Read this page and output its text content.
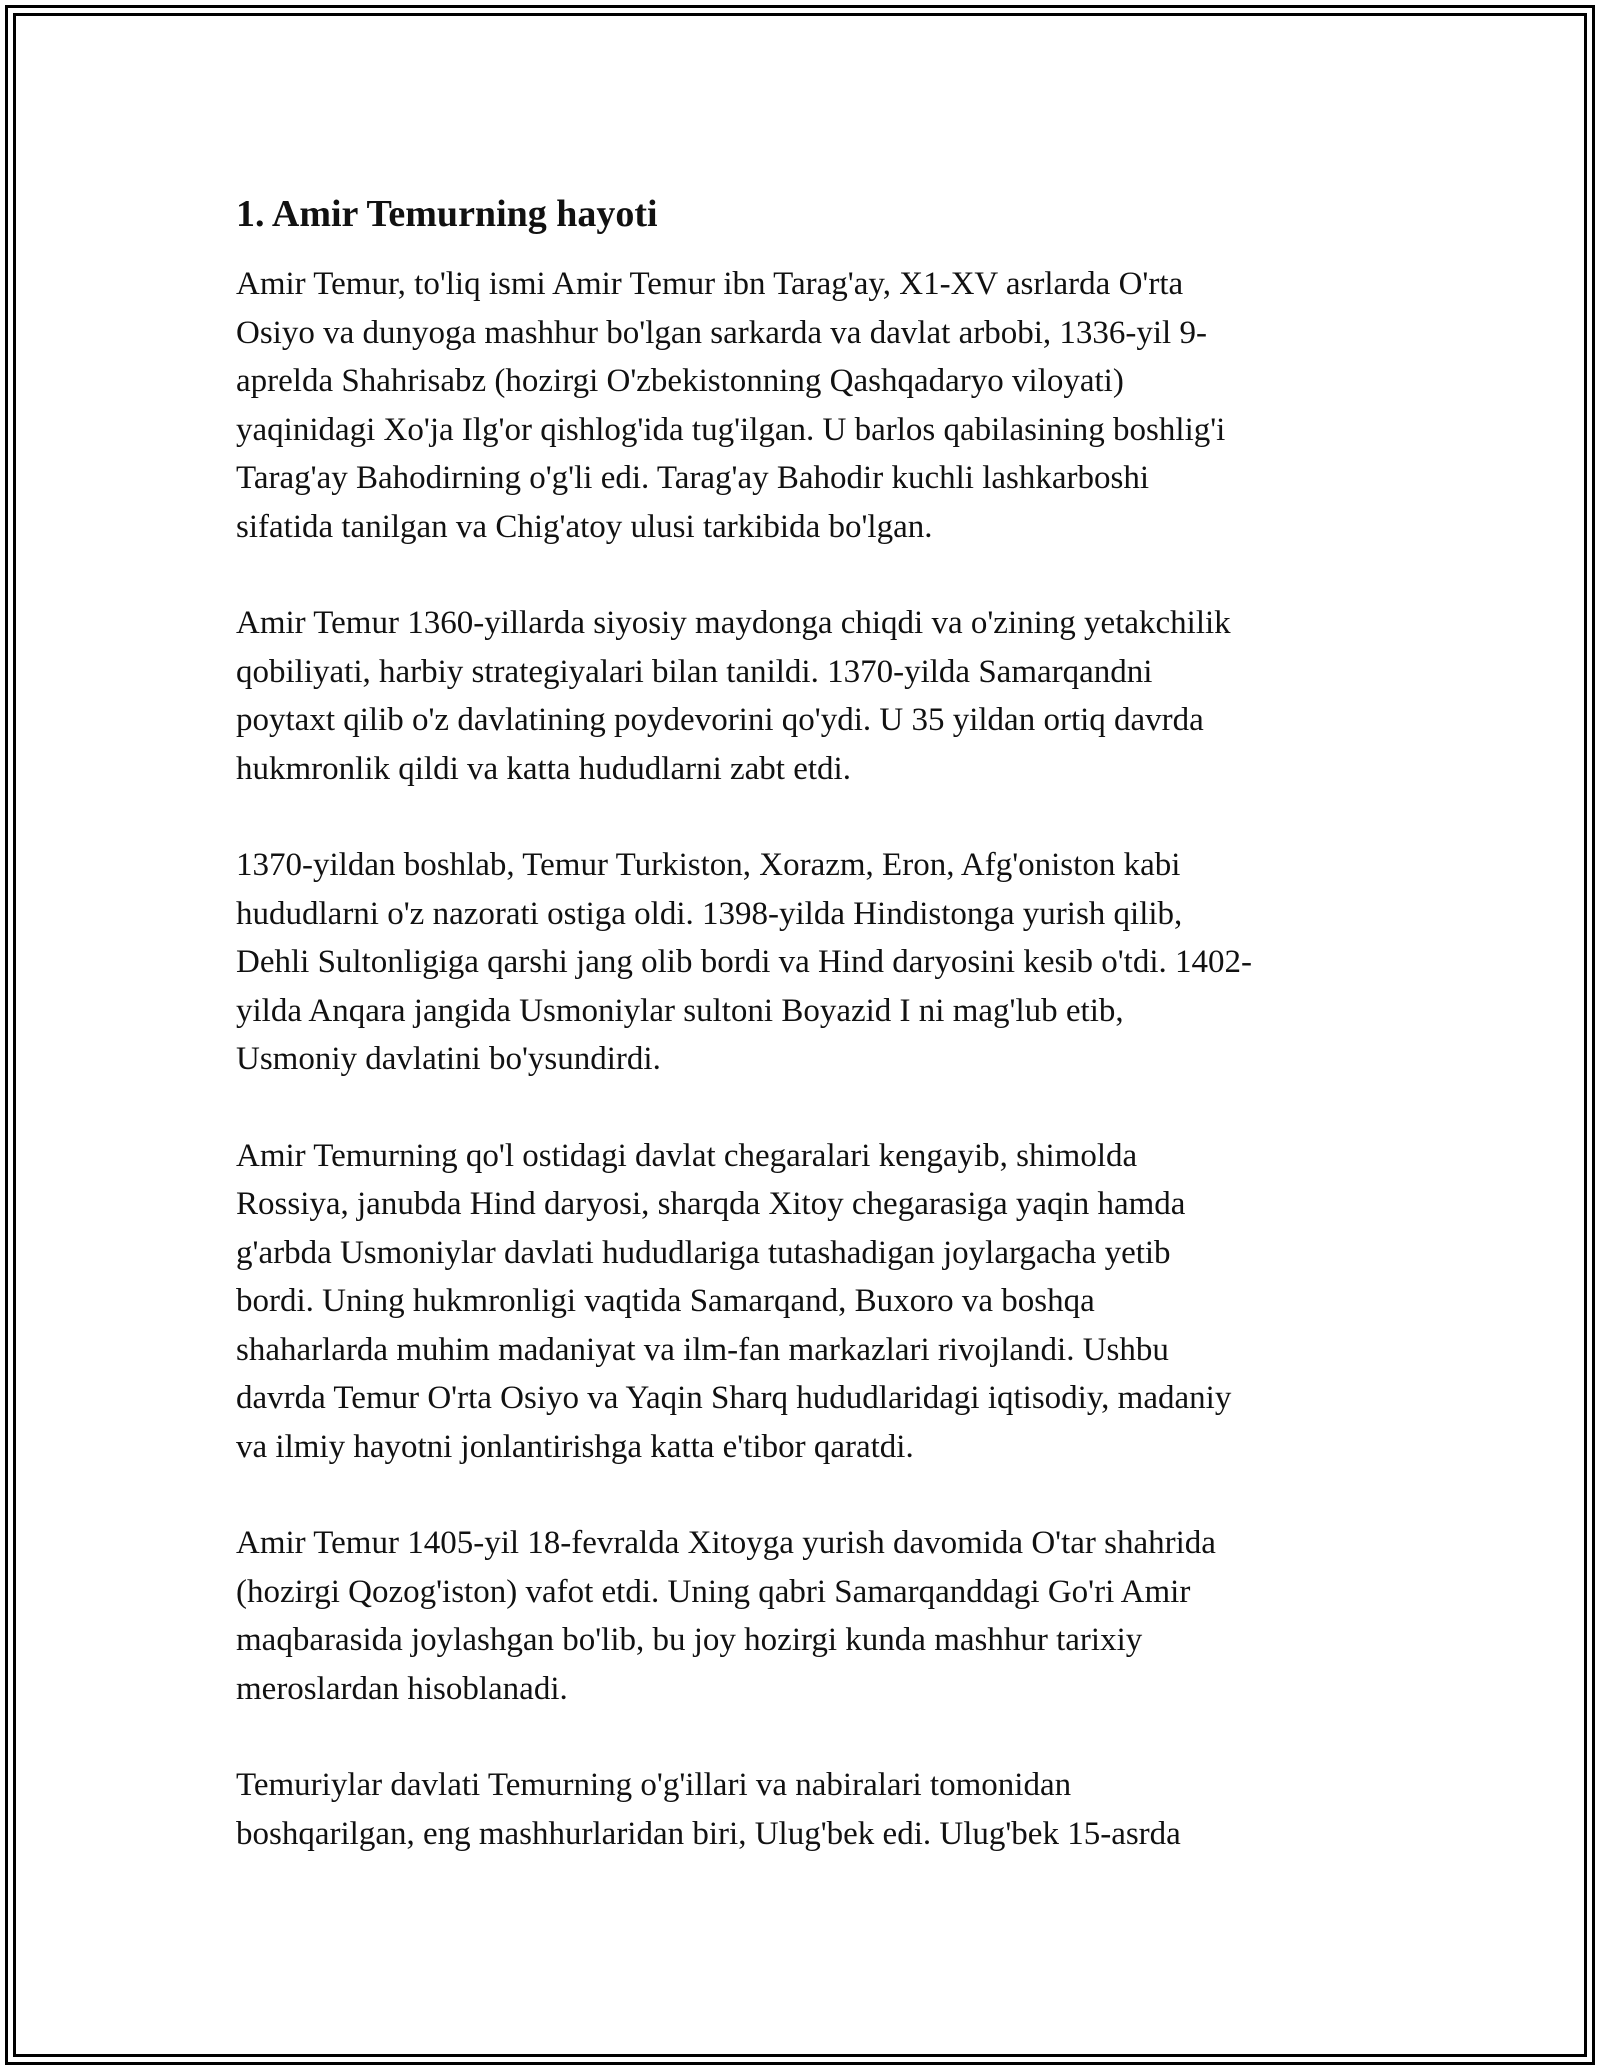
1. Amir Temurning hayoti
Amir Temur, to'liq ismi Amir Temur ibn Tarag'ay, X1-XV asrlarda O'rta
Osiyo va dunyoga mashhur bo'lgan sarkarda va davlat arbobi, 1336-yil 9-
aprelda Shahrisabz (hozirgi O'zbekistonning Qashqadaryo viloyati)
yaqinidagi Xo'ja Ilg'or qishlog'ida tug'ilgan. U barlos qabilasining boshlig'i
Tarag'ay Bahodirning o'g'li edi. Tarag'ay Bahodir kuchli lashkarboshi
sifatida tanilgan va Chig'atoy ulusi tarkibida bo'lgan.
Amir Temur 1360-yillarda siyosiy maydonga chiqdi va o'zining yetakchilik
qobiliyati, harbiy strategiyalari bilan tanildi. 1370-yilda Samarqandni
poytaxt qilib o'z davlatining poydevorini qo'ydi. U 35 yildan ortiq davrda
hukmronlik qildi va katta hududlarni zabt etdi.
1370-yildan boshlab, Temur Turkiston, Xorazm, Eron, Afg'oniston kabi
hududlarni o'z nazorati ostiga oldi. 1398-yilda Hindistonga yurish qilib,
Dehli Sultonligiga qarshi jang olib bordi va Hind daryosini kesib o'tdi. 1402-
yilda Anqara jangida Usmoniylar sultoni Boyazid I ni mag'lub etib,
Usmoniy davlatini bo'ysundirdi.
Amir Temurning qo'l ostidagi davlat chegaralari kengayib, shimolda
Rossiya, janubda Hind daryosi, sharqda Xitoy chegarasiga yaqin hamda
g'arbda Usmoniylar davlati hududlariga tutashadigan joylargacha yetib
bordi. Uning hukmronligi vaqtida Samarqand, Buxoro va boshqa
shaharlarda muhim madaniyat va ilm-fan markazlari rivojlandi. Ushbu
davrda Temur O'rta Osiyo va Yaqin Sharq hududlaridagi iqtisodiy, madaniy
va ilmiy hayotni jonlantirishga katta e'tibor qaratdi.
Amir Temur 1405-yil 18-fevralda Xitoyga yurish davomida O'tar shahrida
(hozirgi Qozog'iston) vafot etdi. Uning qabri Samarqanddagi Go'ri Amir
maqbarasida joylashgan bo'lib, bu joy hozirgi kunda mashhur tarixiy
meroslardan hisoblanadi.
Temuriylar davlati Temurning o'g'illari va nabiralari tomonidan
boshqarilgan, eng mashhurlaridan biri, Ulug'bek edi. Ulug'bek 15-asrda
